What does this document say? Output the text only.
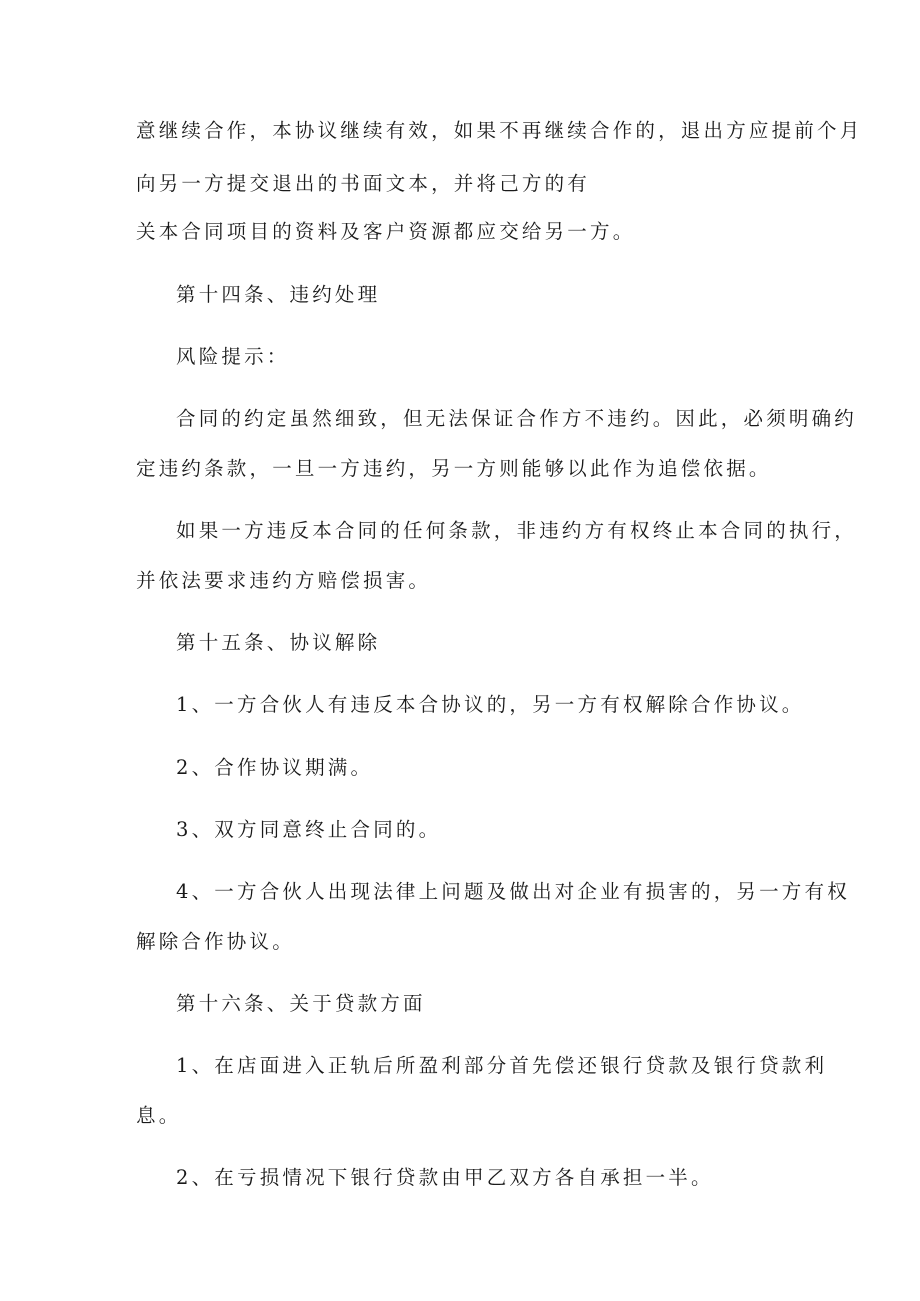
意继续合作，本协议继续有效，如果不再继续合作的，退出方应提前个月
向另一方提交退出的书面文本，并将己方的有
关本合同项目的资料及客户资源都应交给另一方。
第十四条、违约处理
风险提示：
合同的约定虽然细致，但无法保证合作方不违约。因此，必须明确约
定违约条款，一旦一方违约，另一方则能够以此作为追偿依据。
如果一方违反本合同的任何条款，非违约方有权终止本合同的执行，
并依法要求违约方赔偿损害。
第十五条、协议解除
1、一方合伙人有违反本合协议的，另一方有权解除合作协议。
2、合作协议期满。
3、双方同意终止合同的。
4、一方合伙人出现法律上问题及做出对企业有损害的，另一方有权
解除合作协议。
第十六条、关于贷款方面
1、在店面进入正轨后所盈利部分首先偿还银行贷款及银行贷款利
息。
2、在亏损情况下银行贷款由甲乙双方各自承担一半。
